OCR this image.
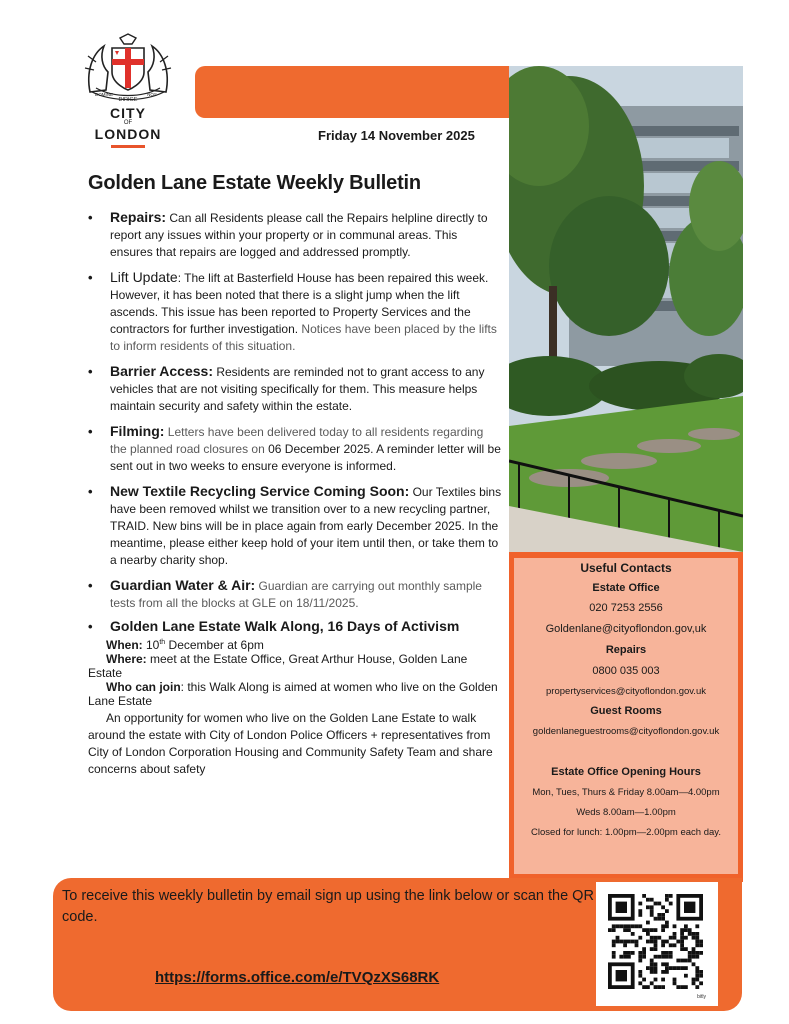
DIRIGE
DOMINE	NOS
CITY
OF
LONDON	Friday 14 November 2025
Golden Lane Estate Weekly Bulletin
• Repairs: Can all Residents please call the Repairs helpline directly to report any issues within your property or in communal areas. This ensures that repairs are logged and addressed promptly.
• Lift Update: The lift at Basterfield House has been repaired this week. However, it has been noted that there is a slight jump when the lift ascends. This issue has been reported to Property Services and the contractors for further investigation. Notices have been placed by the lifts to inform residents of this situation.
• Barrier Access: Residents are reminded not to grant access to any vehicles that are not visiting specifically for them. This measure helps maintain security and safety within the estate.
• Filming: Letters have been delivered today to all residents regarding the planned road closures on 06 December 2025. A reminder letter will be sent out in two weeks to ensure everyone is informed.
• New Textile Recycling Service Coming Soon: Our Textiles bins have been removed whilst we transition over to a new recycling partner, TRAID. New bins will be in place again from early December 2025. In the meantime, please either keep hold of your item until then, or take them to a nearby charity shop.
• Guardian Water & Air: Guardian are carrying out monthly sample tests from all the blocks at GLE on 18/11/2025.
• Golden Lane Estate Walk Along, 16 Days of Activism
When: 10th December at 6pm
Where: meet at the Estate Office, Great Arthur House, Golden Lane Estate
Who can join: this Walk Along is aimed at women who live on the Golden Lane Estate
An opportunity for women who live on the Golden Lane Estate to walk around the estate with City of London Police Officers + representatives from City of London Corporation Housing and Community Safety Team and share concerns about safety
Useful Contacts
Estate Office
020 7253 2556
Goldenlane@cityoflondon.gov,uk
Repairs
0800 035 003
propertyservices@cityoflondon.gov.uk
Guest Rooms
goldenlaneguestrooms@cityoflondon.gov.uk
Estate Office Opening Hours
Mon, Tues, Thurs & Friday 8.00am—4.00pm
Weds 8.00am—1.00pm
Closed for lunch: 1.00pm—2.00pm each day.
To receive this weekly bulletin by email sign up using the link below or scan the QR code.
https://forms.office.com/e/TVQzXS68RK
bitly
